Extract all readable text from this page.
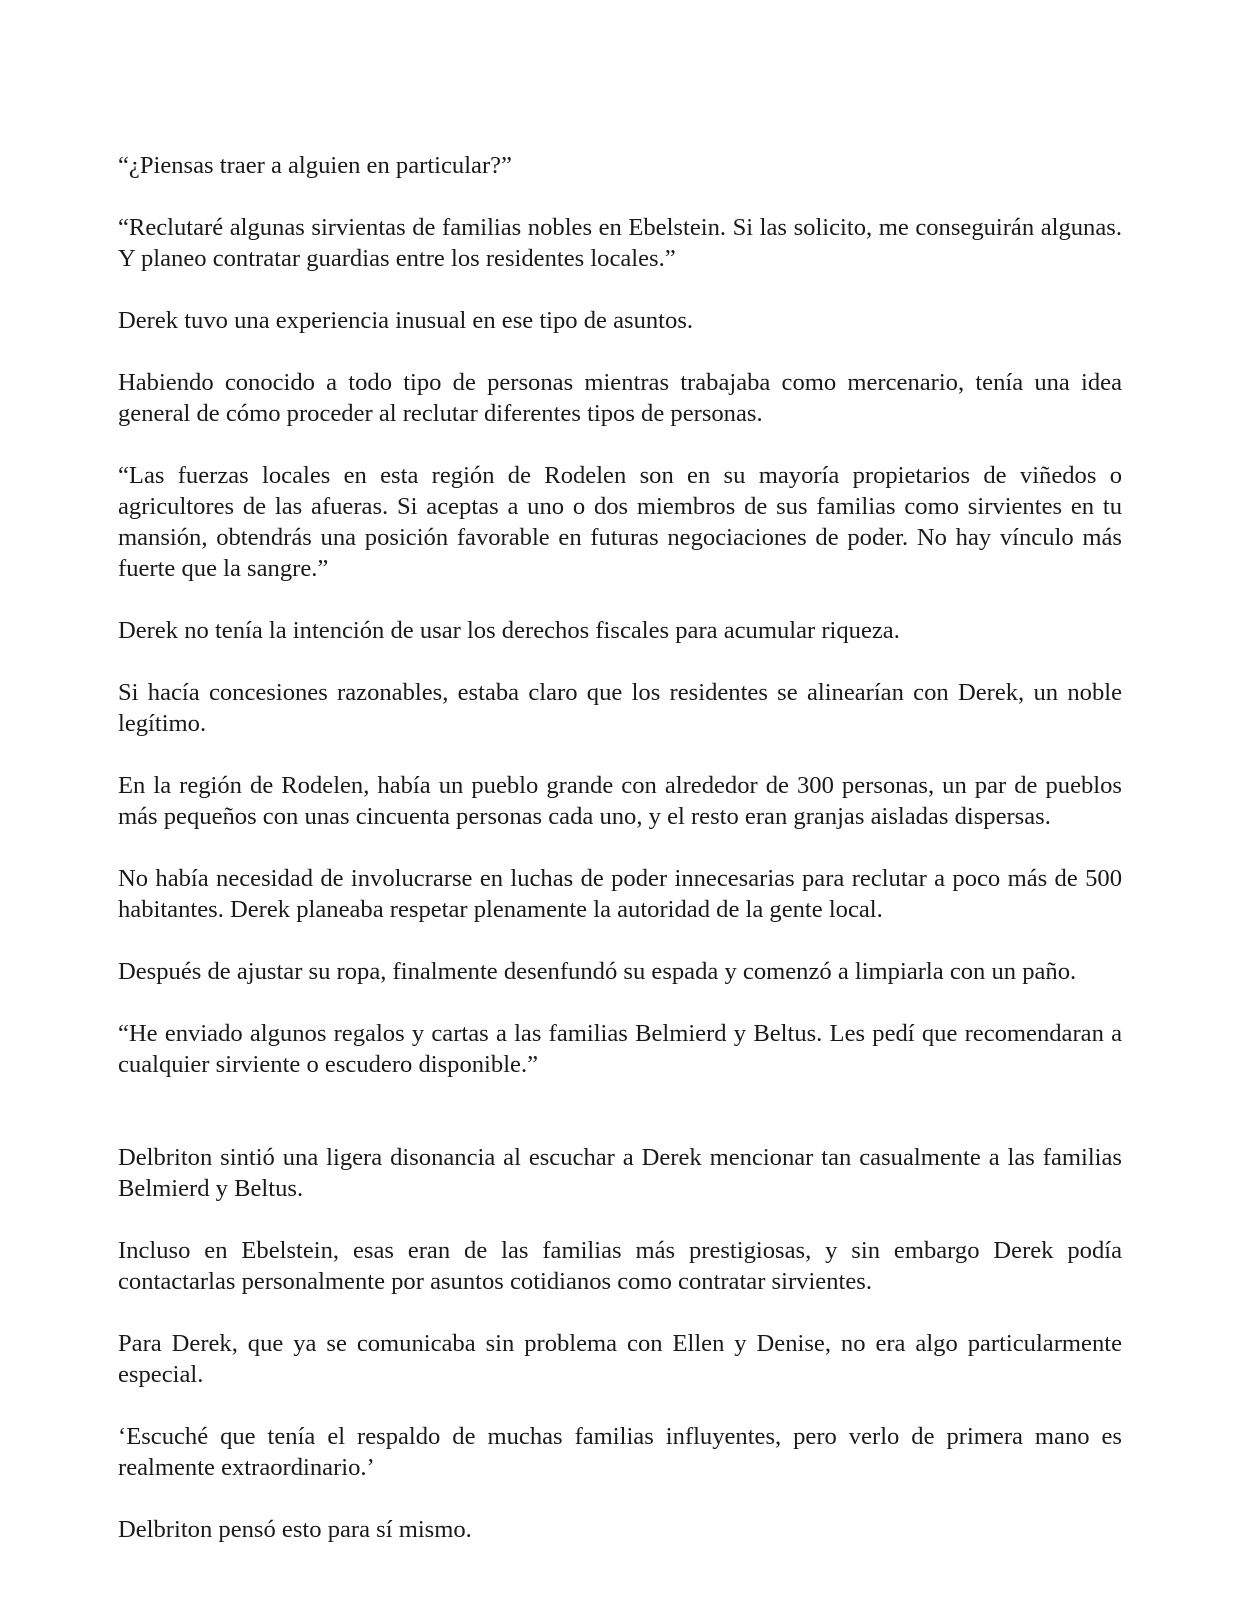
“¿Piensas traer a alguien en particular?”

“Reclutaré algunas sirvientas de familias nobles en Ebelstein. Si las solicito, me conseguirán algunas. Y planeo contratar guardias entre los residentes locales.”

Derek tuvo una experiencia inusual en ese tipo de asuntos.

Habiendo conocido a todo tipo de personas mientras trabajaba como mercenario, tenía una idea general de cómo proceder al reclutar diferentes tipos de personas.

“Las fuerzas locales en esta región de Rodelen son en su mayoría propietarios de viñedos o agricultores de las afueras. Si aceptas a uno o dos miembros de sus familias como sirvientes en tu mansión, obtendrás una posición favorable en futuras negociaciones de poder. No hay vínculo más fuerte que la sangre.”

Derek no tenía la intención de usar los derechos fiscales para acumular riqueza.

Si hacía concesiones razonables, estaba claro que los residentes se alinearían con Derek, un noble legítimo.

En la región de Rodelen, había un pueblo grande con alrededor de 300 personas, un par de pueblos más pequeños con unas cincuenta personas cada uno, y el resto eran granjas aisladas dispersas.

No había necesidad de involucrarse en luchas de poder innecesarias para reclutar a poco más de 500 habitantes. Derek planeaba respetar plenamente la autoridad de la gente local.

Después de ajustar su ropa, finalmente desenfundó su espada y comenzó a limpiarla con un paño.

“He enviado algunos regalos y cartas a las familias Belmierd y Beltus. Les pedí que recomendaran a cualquier sirviente o escudero disponible.”

Delbriton sintió una ligera disonancia al escuchar a Derek mencionar tan casualmente a las familias Belmierd y Beltus.

Incluso en Ebelstein, esas eran de las familias más prestigiosas, y sin embargo Derek podía contactarlas personalmente por asuntos cotidianos como contratar sirvientes.

Para Derek, que ya se comunicaba sin problema con Ellen y Denise, no era algo particularmente especial.

‘Escuché que tenía el respaldo de muchas familias influyentes, pero verlo de primera mano es realmente extraordinario.’

Delbriton pensó esto para sí mismo.
